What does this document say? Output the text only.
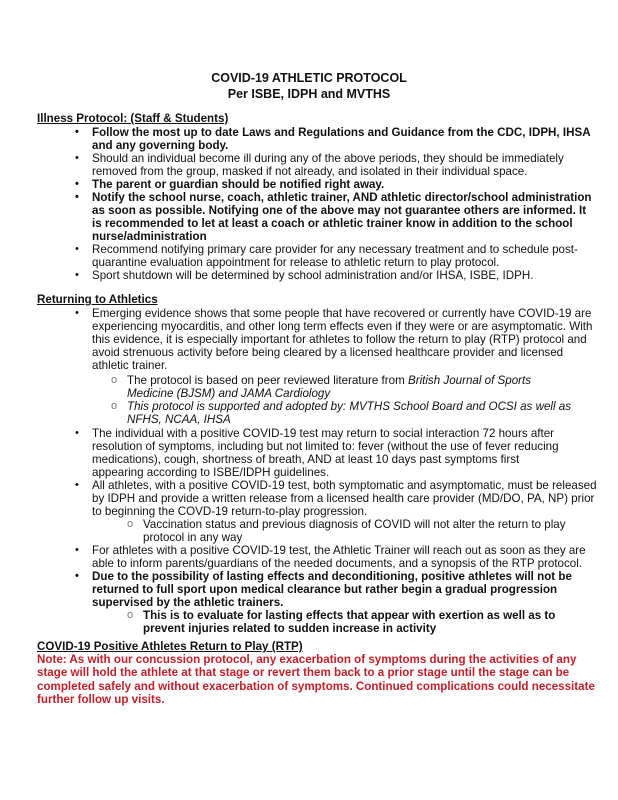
COVID-19 ATHLETIC PROTOCOL
Per ISBE, IDPH and MVTHS
Illness Protocol: (Staff & Students)
• Follow the most up to date Laws and Regulations and Guidance from the CDC, IDPH, IHSA and any governing body.
• Should an individual become ill during any of the above periods, they should be immediately removed from the group, masked if not already, and isolated in their individual space.
• The parent or guardian should be notified right away.
• Notify the school nurse, coach, athletic trainer, AND athletic director/school administration as soon as possible. Notifying one of the above may not guarantee others are informed. It is recommended to let at least a coach or athletic trainer know in addition to the school nurse/administration
• Recommend notifying primary care provider for any necessary treatment and to schedule post-quarantine evaluation appointment for release to athletic return to play protocol.
• Sport shutdown will be determined by school administration and/or IHSA, ISBE, IDPH.
Returning to Athletics
• Emerging evidence shows that some people that have recovered or currently have COVID-19 are experiencing myocarditis, and other long term effects even if they were or are asymptomatic. With this evidence, it is especially important for athletes to follow the return to play (RTP) protocol and avoid strenuous activity before being cleared by a licensed healthcare provider and licensed athletic trainer.
o The protocol is based on peer reviewed literature from British Journal of Sports Medicine (BJSM) and JAMA Cardiology
o This protocol is supported and adopted by: MVTHS School Board and OCSI as well as NFHS, NCAA, IHSA
• The individual with a positive COVID-19 test may return to social interaction 72 hours after resolution of symptoms, including but not limited to: fever (without the use of fever reducing medications), cough, shortness of breath, AND at least 10 days past symptoms first appearing according to ISBE/IDPH guidelines.
• All athletes, with a positive COVID-19 test, both symptomatic and asymptomatic, must be released by IDPH and provide a written release from a licensed health care provider (MD/DO, PA, NP) prior to beginning the COVD-19 return-to-play progression.
o Vaccination status and previous diagnosis of COVID will not alter the return to play protocol in any way
• For athletes with a positive COVID-19 test, the Athletic Trainer will reach out as soon as they are able to inform parents/guardians of the needed documents, and a synopsis of the RTP protocol.
• Due to the possibility of lasting effects and deconditioning, positive athletes will not be returned to full sport upon medical clearance but rather begin a gradual progression supervised by the athletic trainers.
o This is to evaluate for lasting effects that appear with exertion as well as to prevent injuries related to sudden increase in activity
COVID-19 Positive Athletes Return to Play (RTP)
Note: As with our concussion protocol, any exacerbation of symptoms during the activities of any stage will hold the athlete at that stage or revert them back to a prior stage until the stage can be completed safely and without exacerbation of symptoms. Continued complications could necessitate further follow up visits.
